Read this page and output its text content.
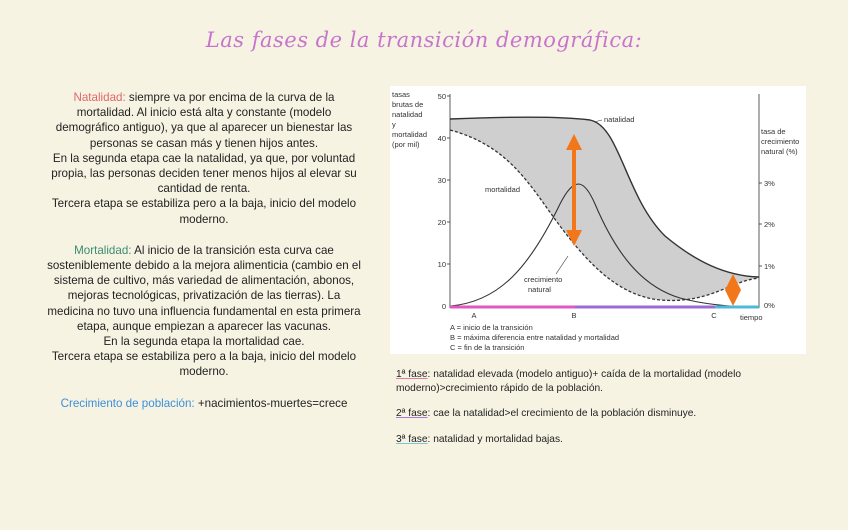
Las fases de la transición demográfica:

Natalidad: siempre va por encima de la curva de la mortalidad. Al inicio está alta y constante (modelo demográfico antiguo), ya que al aparecer un bienestar las personas se casan más y tienen hijos antes.

En la segunda etapa cae la natalidad, ya que, por voluntad propia, las personas deciden tener menos hijos al elevar su cantidad de renta.

Tercera etapa se estabiliza pero a la baja, inicio del modelo moderno.

Mortalidad: Al inicio de la transición esta curva cae sosteniblemente debido a la mejora alimenticia (cambio en el sistema de cultivo, más variedad de alimentación, abonos, mejoras tecnológicas, privatización de las tierras). La medicina no tuvo una influencia fundamental en esta primera etapa, aunque empiezan a aparecer las vacunas.

En la segunda etapa la mortalidad cae.

Tercera etapa se estabiliza pero a la baja, inicio del modelo moderno.

Crecimiento de población: +nacimientos-muertes=crece

tasas brutas de natalidad y mortalidad (por mil)
tasa de crecimiento natural (%)
50
40
30
20
10
0
3%
2%
1%
0%
A	B	C	tiempo
natalidad
mortalidad
crecimiento natural
A = inicio de la transición
B = máxima diferencia entre natalidad y mortalidad
C = fin de la transición
1ª fase: natalidad elevada (modelo antiguo)+ caída de la mortalidad (modelo moderno)>crecimiento rápido de la población.
2ª fase: cae la natalidad>el crecimiento de la población disminuye.
3ª fase: natalidad y mortalidad bajas.
